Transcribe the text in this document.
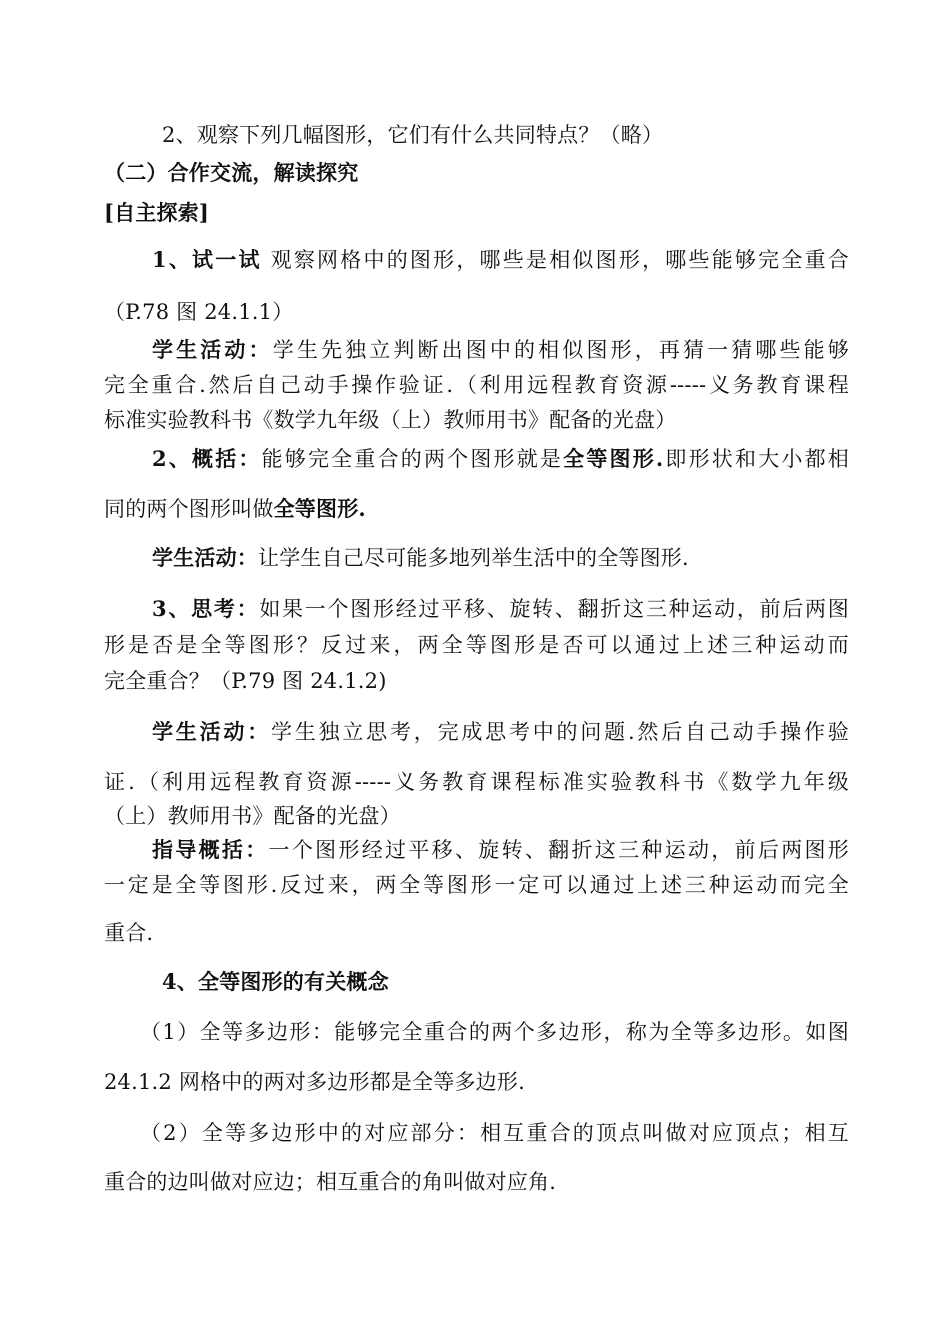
2、观察下列几幅图形，它们有什么共同特点？（略）
（二）合作交流，解读探究
[自主探索]
1、试一试 观察网格中的图形，哪些是相似图形，哪些能够完全重合
（P.78 图 24.1.1）
学生活动：学生先独立判断出图中的相似图形，再猜一猜哪些能够
完全重合.然后自己动手操作验证.（利用远程教育资源-----义务教育课程
标准实验教科书《数学九年级（上）教师用书》配备的光盘）
2、概括：能够完全重合的两个图形就是全等图形.即形状和大小都相
同的两个图形叫做全等图形.
学生活动：让学生自己尽可能多地列举生活中的全等图形.
3、思考：如果一个图形经过平移、旋转、翻折这三种运动，前后两图
形是否是全等图形？反过来，两全等图形是否可以通过上述三种运动而
完全重合？（P.79 图 24.1.2)
学生活动：学生独立思考，完成思考中的问题.然后自己动手操作验
证.（利用远程教育资源-----义务教育课程标准实验教科书《数学九年级
（上）教师用书》配备的光盘）
指导概括：一个图形经过平移、旋转、翻折这三种运动，前后两图形
一定是全等图形.反过来，两全等图形一定可以通过上述三种运动而完全
重合.
4、全等图形的有关概念
（1）全等多边形：能够完全重合的两个多边形，称为全等多边形。如图
24.1.2 网格中的两对多边形都是全等多边形.
（2）全等多边形中的对应部分：相互重合的顶点叫做对应顶点；相互
重合的边叫做对应边；相互重合的角叫做对应角.
